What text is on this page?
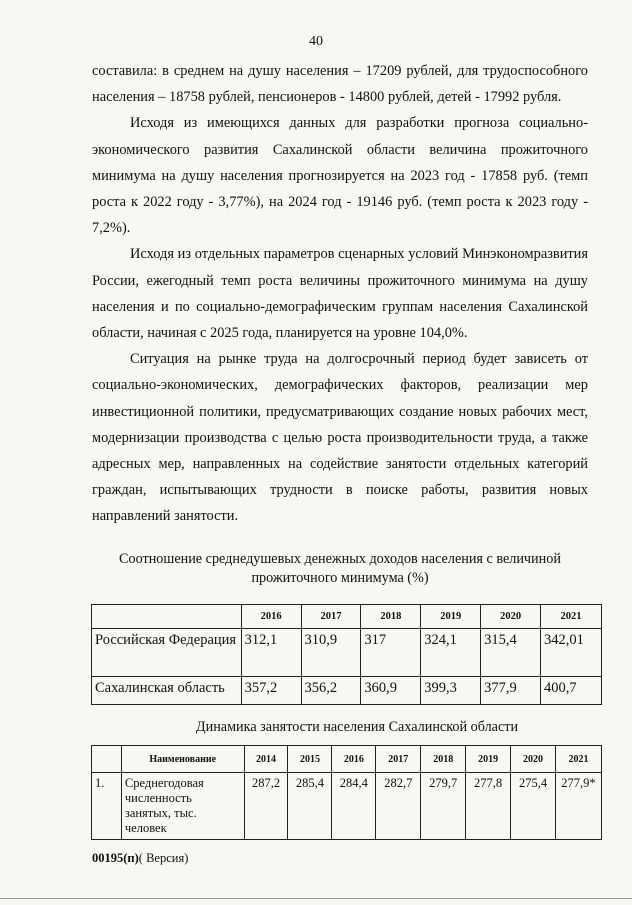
40

составила: в среднем на душу населения – 17209 рублей, для трудоспособного населения – 18758 рублей, пенсионеров - 14800 рублей, детей - 17992 рубля.

Исходя из имеющихся данных для разработки прогноза социально-экономического развития Сахалинской области величина прожиточного минимума на душу населения прогнозируется на 2023 год - 17858 руб. (темп роста к 2022 году - 3,77%), на 2024 год - 19146 руб. (темп роста к 2023 году - 7,2%).

Исходя из отдельных параметров сценарных условий Минэкономразвития России, ежегодный темп роста величины прожиточного минимума на душу населения и по социально-демографическим группам населения Сахалинской области, начиная с 2025 года, планируется на уровне 104,0%.

Ситуация на рынке труда на долгосрочный период будет зависеть от социально-экономических, демографических факторов, реализации мер инвестиционной политики, предусматривающих создание новых рабочих мест, модернизации производства с целью роста производительности труда, а также адресных мер, направленных на содействие занятости отдельных категорий граждан, испытывающих трудности в поиске работы, развития новых направлений занятости.

Соотношение среднедушевых денежных доходов населения с величиной прожиточного минимума (%)
	2016	2017	2018	2019	2020	2021
Российская Федерация	312,1	310,9	317	324,1	315,4	342,01
Сахалинская область	357,2	356,2	360,9	399,3	377,9	400,7
Динамика занятости населения Сахалинской области
	Наименование	2014	2015	2016	2017	2018	2019	2020	2021
1.	Среднегодовая численность занятых, тыс. человек	287,2	285,4	284,4	282,7	279,7	277,8	275,4	277,9*
00195(п)( Версия)
